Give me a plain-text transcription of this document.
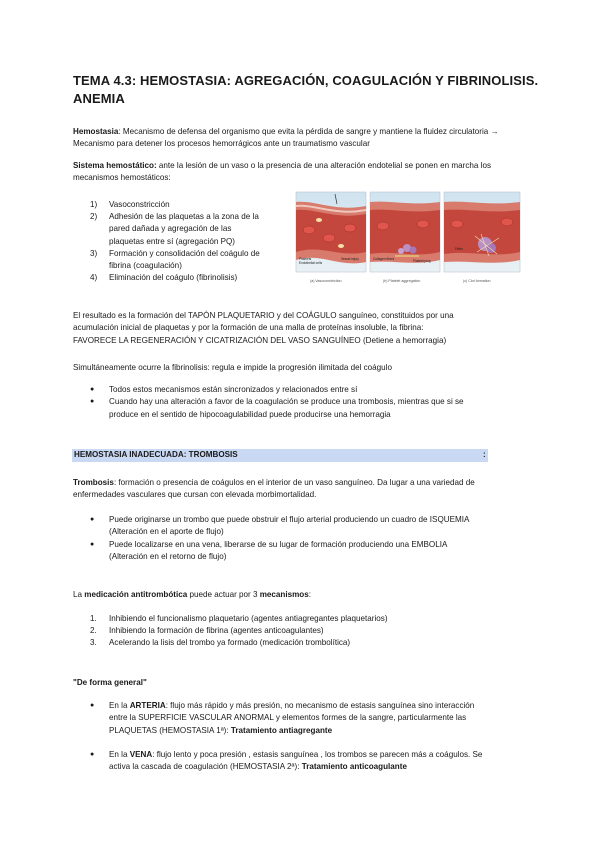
TEMA 4.3: HEMOSTASIA: AGREGACIÓN, COAGULACIÓN Y FIBRINOLISIS. ANEMIA
Hemostasia: Mecanismo de defensa del organismo que evita la pérdida de sangre y mantiene la fluidez circulatoria → Mecanismo para detener los procesos hemorrágicos ante un traumatismo vascular
Sistema hemostático: ante la lesión de un vaso o la presencia de una alteración endotelial se ponen en marcha los mecanismos hemostáticos:
1)	Vasoconstricción
2)	Adhesión de las plaquetas a la zona de la
pared dañada y agregación de las
plaquetas entre sí (agregación PQ)
3)	Formación y consolidación del coágulo de
fibrina (coagulación)
4)	Eliminación del coágulo (fibrinolisis)
Platelets
Endothelial cells
Vessel injury	Collagen fibers	Platelet plug
Fibrin
(a) Vasoconstriction	(b) Platelet aggregation	(c) Clot formation
El resultado es la formación del TAPÓN PLAQUETARIO y del COÁGULO sanguíneo, constituidos por una
acumulación inicial de plaquetas y por la formación de una malla de proteínas insoluble, la fibrina:
FAVORECE LA REGENERACIÓN Y CICATRIZACIÓN DEL VASO SANGUÍNEO (Detiene a hemorragia)
Simultáneamente ocurre la fibrinolisis: regula e impide la progresión ilimitada del coágulo
●	Todos estos mecanismos están sincronizados y relacionados entre sí
●	Cuando hay una alteración a favor de la coagulación se produce una trombosis, mientras que si se
produce en el sentido de hipocoagulabilidad puede producirse una hemorragia
HEMOSTASIA INADECUADA: TROMBOSIS	:
Trombosis: formación o presencia de coágulos en el interior de un vaso sanguíneo. Da lugar a una variedad de
enfermedades vasculares que cursan con elevada morbimortalidad.
●	Puede originarse un trombo que puede obstruir el flujo arterial produciendo un cuadro de ISQUEMIA
(Alteración en el aporte de flujo)
●	Puede localizarse en una vena, liberarse de su lugar de formación produciendo una EMBOLIA
(Alteración en el retorno de flujo)
La medicación antitrombótica puede actuar por 3 mecanismos:
1.	Inhibiendo el funcionalismo plaquetario (agentes antiagregantes plaquetarios)
2.	Inhibiendo la formación de fibrina (agentes anticoagulantes)
3.	Acelerando la lisis del trombo ya formado (medicación trombolítica)
"De forma general"
●	En la ARTERIA: flujo más rápido y más presión, no mecanismo de estasis sanguínea sino interacción
entre la SUPERFICIE VASCULAR ANORMAL y elementos formes de la sangre, particularmente las
PLAQUETAS (HEMOSTASIA 1ª): Tratamiento antiagregante
●	En la VENA: flujo lento y poca presión , estasis sanguínea , los trombos se parecen más a coágulos. Se
activa la cascada de coagulación (HEMOSTASIA 2ª): Tratamiento anticoagulante
